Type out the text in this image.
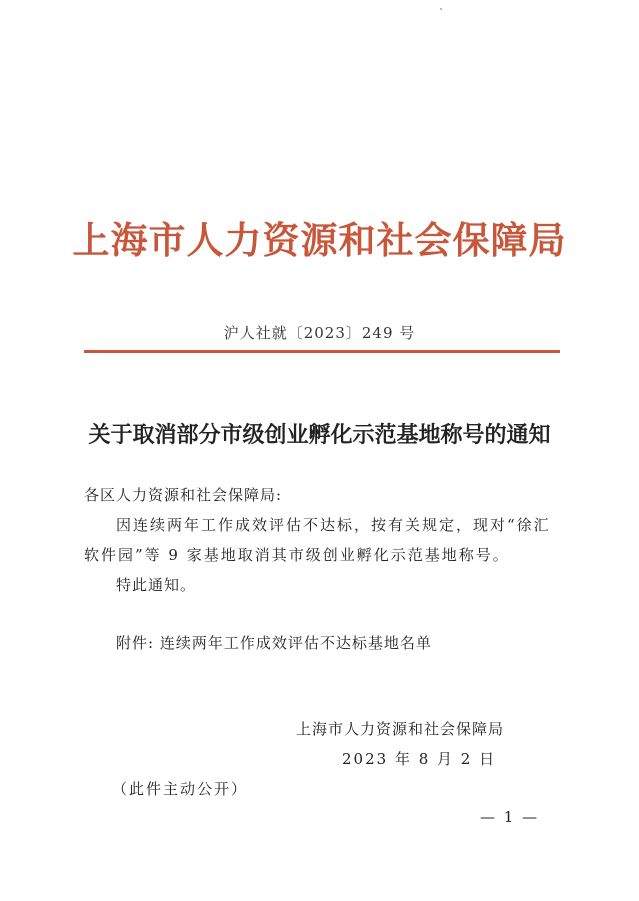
上海市人力资源和社会保障局
沪人社就〔2023〕249 号
关于取消部分市级创业孵化示范基地称号的通知
各区人力资源和社会保障局:
因连续两年工作成效评估不达标，按有关规定，现对“徐汇软件园”等 9 家基地取消其市级创业孵化示范基地称号。
特此通知。
附件: 连续两年工作成效评估不达标基地名单
上海市人力资源和社会保障局
2023 年 8 月 2 日
（此件主动公开）
— 1 —
